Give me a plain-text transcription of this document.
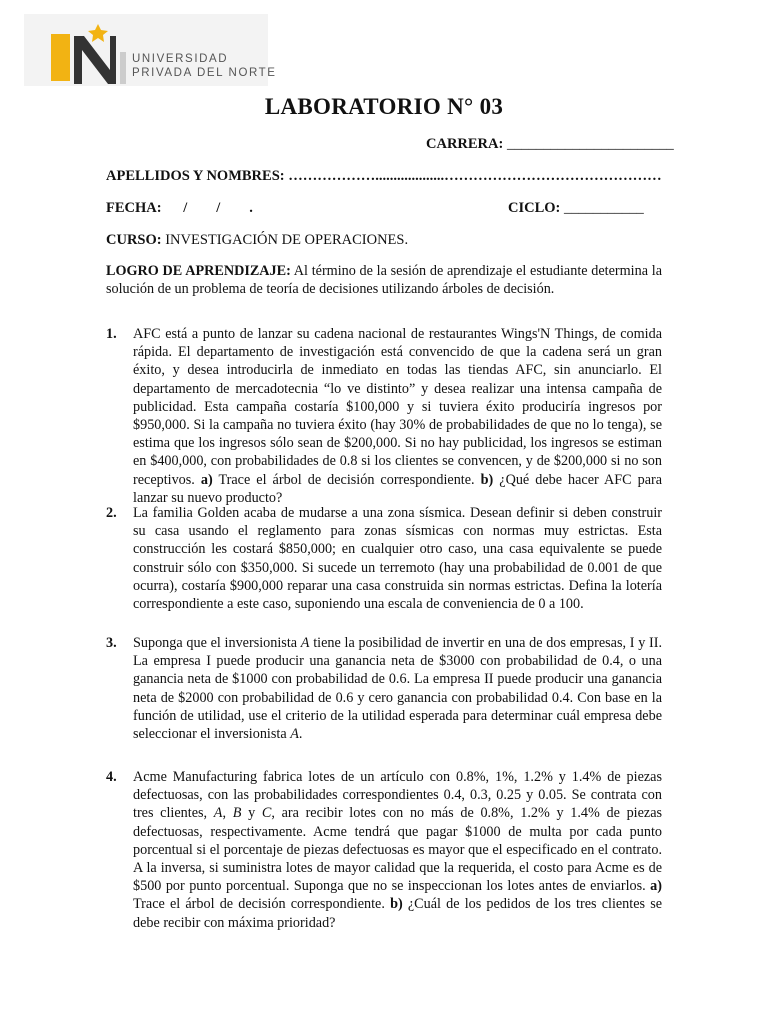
UNIVERSIDAD
PRIVADA DEL NORTE
LABORATORIO N° 03
CARRERA: _______________________
APELLIDOS Y NOMBRES: ………………...................………………………………………
FECHA: /        /        .	CICLO: ___________
CURSO: INVESTIGACIÓN DE OPERACIONES.
LOGRO DE APRENDIZAJE: Al término de la sesión de aprendizaje el estudiante determina la solución de un problema de teoría de decisiones utilizando árboles de decisión.
1. AFC está a punto de lanzar su cadena nacional de restaurantes Wings'N Things, de comida rápida. El departamento de investigación está convencido de que la cadena será un gran éxito, y desea introducirla de inmediato en todas las tiendas AFC, sin anunciarlo. El departamento de mercadotecnia “lo ve distinto” y desea realizar una intensa campaña de publicidad. Esta campaña costaría $100,000 y si tuviera éxito produciría ingresos por $950,000. Si la campaña no tuviera éxito (hay 30% de probabilidades de que no lo tenga), se estima que los ingresos sólo sean de $200,000. Si no hay publicidad, los ingresos se estiman en $400,000, con probabilidades de 0.8 si los clientes se convencen, y de $200,000 si no son receptivos. a) Trace el árbol de decisión correspondiente. b) ¿Qué debe hacer AFC para lanzar su nuevo producto?
2. La familia Golden acaba de mudarse a una zona sísmica. Desean definir si deben construir su casa usando el reglamento para zonas sísmicas con normas muy estrictas. Esta construcción les costará $850,000; en cualquier otro caso, una casa equivalente se puede construir sólo con $350,000. Si sucede un terremoto (hay una probabilidad de 0.001 de que ocurra), costaría $900,000 reparar una casa construida sin normas estrictas. Defina la lotería correspondiente a este caso, suponiendo una escala de conveniencia de 0 a 100.
3. Suponga que el inversionista A tiene la posibilidad de invertir en una de dos empresas, I y II. La empresa I puede producir una ganancia neta de $3000 con probabilidad de 0.4, o una ganancia neta de $1000 con probabilidad de 0.6. La empresa II puede producir una ganancia neta de $2000 con probabilidad de 0.6 y cero ganancia con probabilidad 0.4. Con base en la función de utilidad, use el criterio de la utilidad esperada para determinar cuál empresa debe seleccionar el inversionista A.
4. Acme Manufacturing fabrica lotes de un artículo con 0.8%, 1%, 1.2% y 1.4% de piezas defectuosas, con las probabilidades correspondientes 0.4, 0.3, 0.25 y 0.05. Se contrata con tres clientes, A, B y C, ara recibir lotes con no más de 0.8%, 1.2% y 1.4% de piezas defectuosas, respectivamente. Acme tendrá que pagar $1000 de multa por cada punto porcentual si el porcentaje de piezas defectuosas es mayor que el especificado en el contrato. A la inversa, si suministra lotes de mayor calidad que la requerida, el costo para Acme es de $500 por punto porcentual. Suponga que no se inspeccionan los lotes antes de enviarlos. a) Trace el árbol de decisión correspondiente. b) ¿Cuál de los pedidos de los tres clientes se debe recibir con máxima prioridad?
